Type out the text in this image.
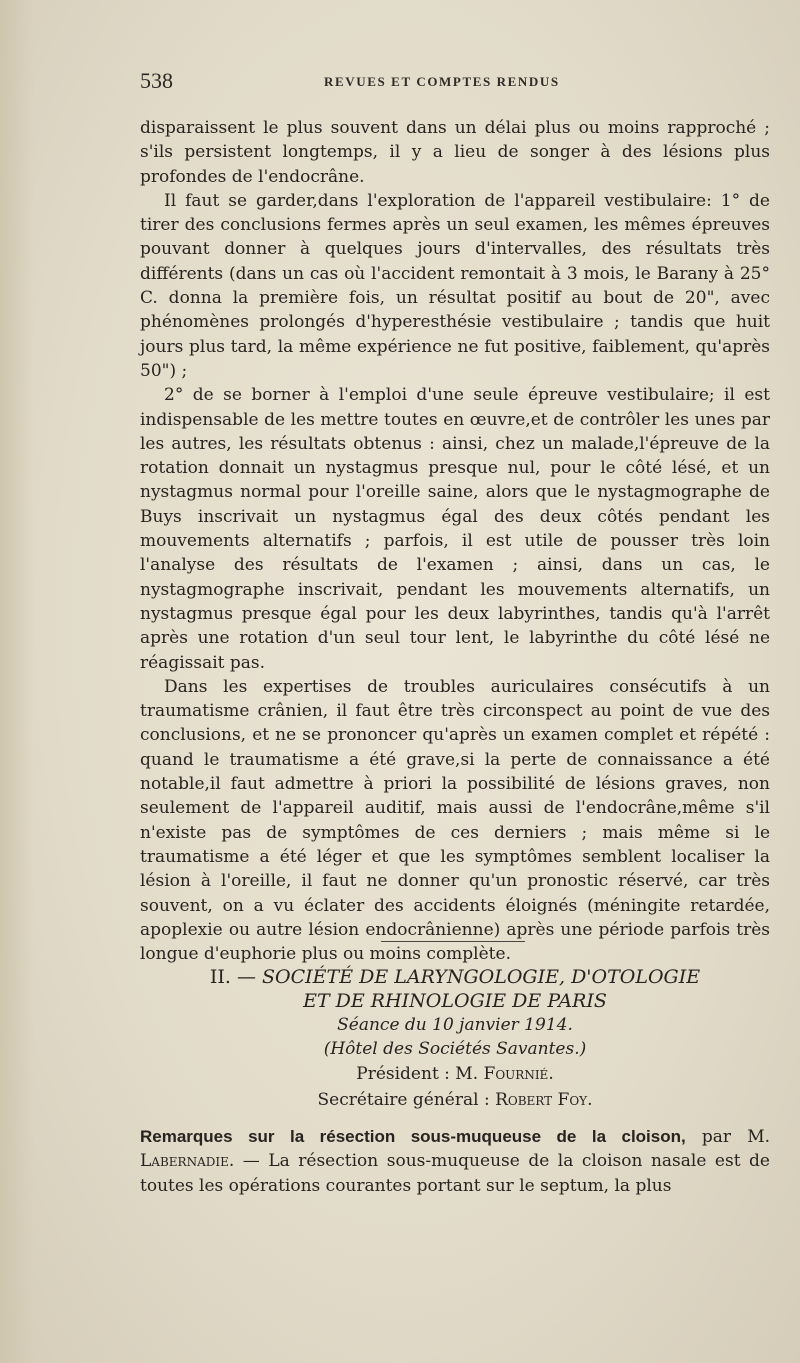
538	REVUES ET COMPTES RENDUS

disparaissent le plus souvent dans un délai plus ou moins rapproché ; s'ils persistent longtemps, il y a lieu de songer à des lésions plus profondes de l'endocrâne.

Il faut se garder,dans l'exploration de l'appareil vestibulaire: 1° de tirer des conclusions fermes après un seul examen, les mêmes épreuves pouvant donner à quelques jours d'intervalles, des résultats très différents (dans un cas où l'accident remontait à 3 mois, le Barany à 25° C. donna la première fois, un résultat positif au bout de 20", avec phénomènes prolongés d'hyperesthésie vestibulaire ; tandis que huit jours plus tard, la même expérience ne fut positive, faiblement, qu'après 50") ;

2° de se borner à l'emploi d'une seule épreuve vestibulaire; il est indispensable de les mettre toutes en œuvre,et de contrôler les unes par les autres, les résultats obtenus : ainsi, chez un malade,l'épreuve de la rotation donnait un nystagmus presque nul, pour le côté lésé, et un nystagmus normal pour l'oreille saine, alors que le nystagmographe de Buys inscrivait un nystagmus égal des deux côtés pendant les mouvements alternatifs ; parfois, il est utile de pousser très loin l'analyse des résultats de l'examen ; ainsi, dans un cas, le nystagmographe inscrivait, pendant les mouvements alternatifs, un nystagmus presque égal pour les deux labyrinthes, tandis qu'à l'arrêt après une rotation d'un seul tour lent, le labyrinthe du côté lésé ne réagissait pas.

Dans les expertises de troubles auriculaires consécutifs à un traumatisme crânien, il faut être très circonspect au point de vue des conclusions, et ne se prononcer qu'après un examen complet et répété : quand le traumatisme a été grave,si la perte de connaissance a été notable,il faut admettre à priori la possibilité de lésions graves, non seulement de l'appareil auditif, mais aussi de l'endocrâne,même s'il n'existe pas de symptômes de ces derniers ; mais même si le traumatisme a été léger et que les symptômes semblent localiser la lésion à l'oreille, il faut ne donner qu'un pronostic réservé, car très souvent, on a vu éclater des accidents éloignés (méningite retardée, apoplexie ou autre lésion endocrânienne) après une période parfois très longue d'euphorie plus ou moins complète.

II. — SOCIÉTÉ DE LARYNGOLOGIE, D'OTOLOGIE
ET DE RHINOLOGIE DE PARIS
Séance du 10 janvier 1914.
(Hôtel des Sociétés Savantes.)
Président : M. Fournié.
Secrétaire général : Robert Foy.
Remarques sur la résection sous-muqueuse de la cloison, par M. Labernadie. — La résection sous-muqueuse de la cloison nasale est de toutes les opérations courantes portant sur le septum, la plus
